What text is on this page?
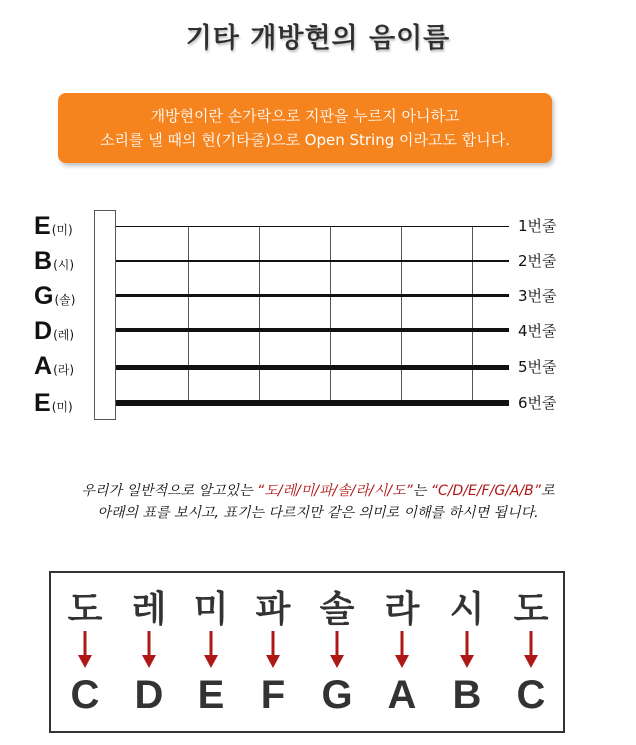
기타 개방현의 음이름
개방현이란 손가락으로 지판을 누르지 아니하고
소리를 낼 때의 현(기타줄)으로 Open String 이라고도 합니다.
E (미)
B (시)
G (솔)
D (레)
A (라)
E (미)
1번줄
2번줄
3번줄
4번줄
5번줄
6번줄
우리가 일반적으로 알고있는 “도/레/미/파/솔/라/시/도”는 “C/D/E/F/G/A/B”로
아래의 표를 보시고, 표기는 다르지만 같은 의미로 이해를 하시면 됩니다.
도
C
레
D
미
E
파
F
솔
G
라
A
시
B
도
C
